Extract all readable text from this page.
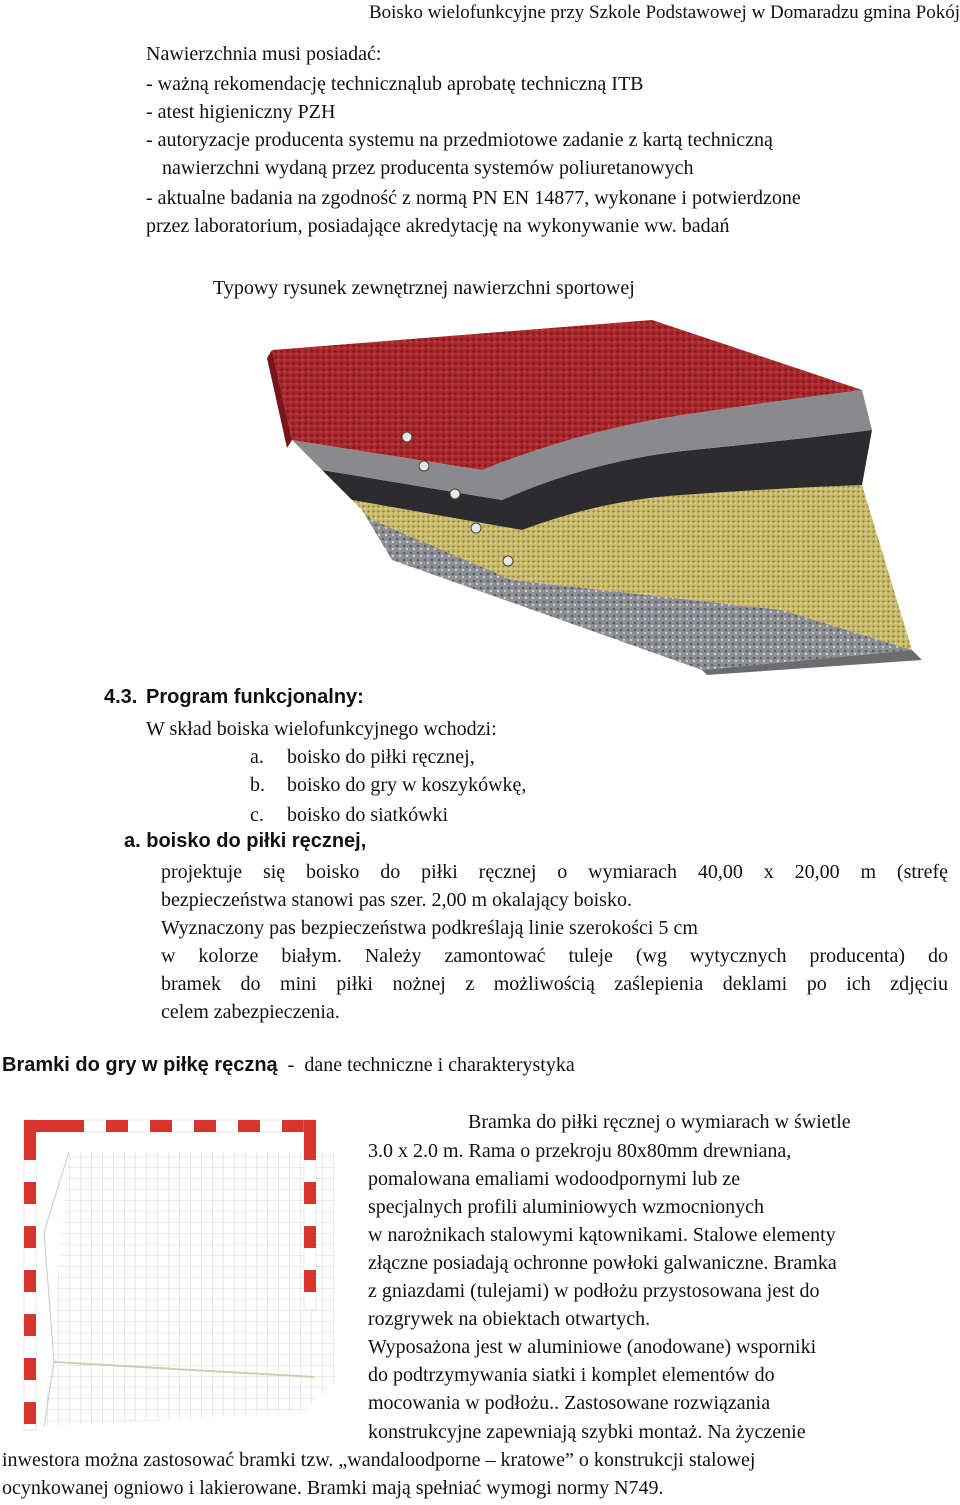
Boisko wielofunkcyjne przy Szkole Podstawowej w Domaradzu gmina Pokój
Nawierzchnia musi posiadać:
- ważną rekomendację technicznąlub aprobatę techniczną ITB
- atest higieniczny PZH
- autoryzacje producenta systemu na przedmiotowe zadanie z kartą techniczną
nawierzchni wydaną przez producenta systemów poliuretanowych
- aktualne badania na zgodność z normą PN EN 14877, wykonane i potwierdzone
przez laboratorium, posiadające akredytację na wykonywanie ww. badań
Typowy rysunek zewnętrznej nawierzchni sportowej
4.3. Program funkcjonalny:
W skład boiska wielofunkcyjnego wchodzi:
a. boisko do piłki ręcznej,
b. boisko do gry w koszykówkę,
c. boisko do siatkówki
a. boisko do piłki ręcznej,
projektuje się boisko do piłki ręcznej o wymiarach 40,00 x 20,00 m (strefę
bezpieczeństwa stanowi pas szer. 2,00 m okalający boisko.
Wyznaczony pas bezpieczeństwa podkreślają linie szerokości 5 cm
w kolorze białym. Należy zamontować tuleje (wg wytycznych producenta) do
bramek do mini piłki nożnej z możliwością zaślepienia deklami po ich zdjęciu
celem zabezpieczenia.
Bramki do gry w piłkę ręczną  -  dane techniczne i charakterystyka
Bramka do piłki ręcznej o wymiarach w świetle
3.0 x 2.0 m. Rama o przekroju 80x80mm drewniana,
pomalowana emaliami wodoodpornymi lub ze
specjalnych profili aluminiowych wzmocnionych
w narożnikach stalowymi kątownikami. Stalowe elementy
złączne posiadają ochronne powłoki galwaniczne. Bramka
z gniazdami (tulejami) w podłożu przystosowana jest do
rozgrywek na obiektach otwartych.
Wyposażona jest w aluminiowe (anodowane) wsporniki
do podtrzymywania siatki i komplet elementów do
mocowania w podłożu.. Zastosowane rozwiązania
konstrukcyjne zapewniają szybki montaż. Na życzenie
inwestora można zastosować bramki tzw. „wandaloodporne – kratowe” o konstrukcji stalowej
ocynkowanej ogniowo i lakierowane. Bramki mają spełniać wymogi normy N749.
